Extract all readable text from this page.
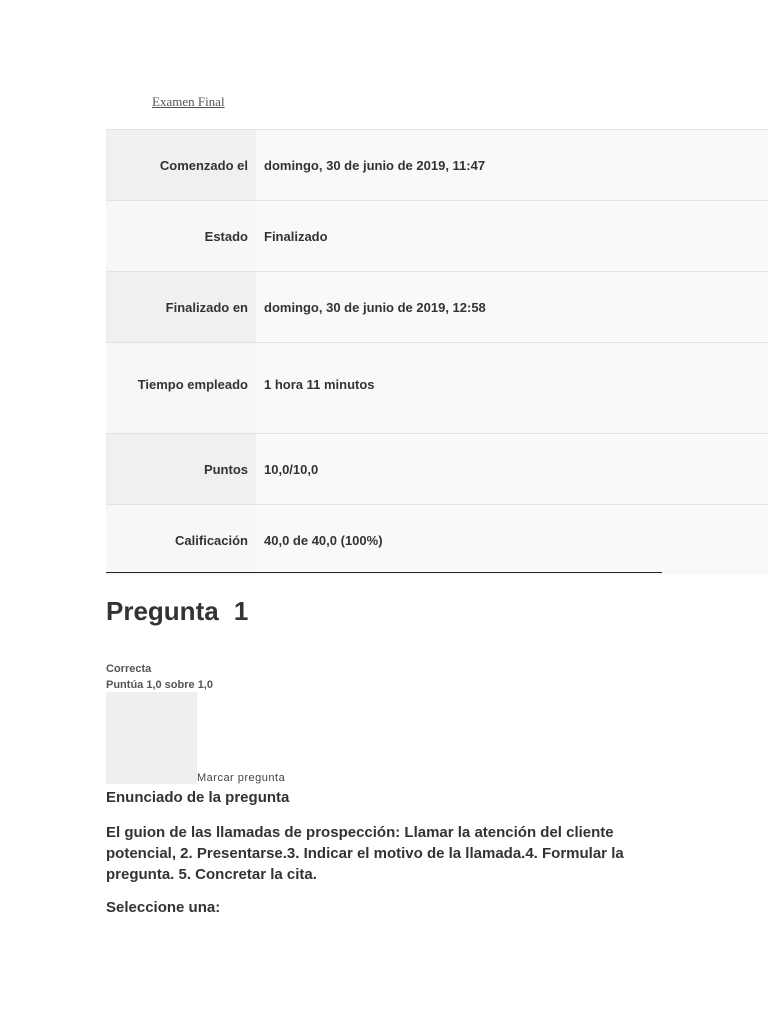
Examen Final
Comenzado el	domingo, 30 de junio de 2019, 11:47
Estado	Finalizado
Finalizado en	domingo, 30 de junio de 2019, 12:58
Tiempo empleado	1 hora 11 minutos
Puntos	10,0/10,0
Calificación	40,0 de 40,0 (100%)
Pregunta 1
Correcta
Puntúa 1,0 sobre 1,0
Marcar pregunta
Enunciado de la pregunta
El guion de las llamadas de prospección: Llamar la atención del cliente potencial, 2. Presentarse.3. Indicar el motivo de la llamada.4. Formular la pregunta. 5. Concretar la cita.
Seleccione una:
